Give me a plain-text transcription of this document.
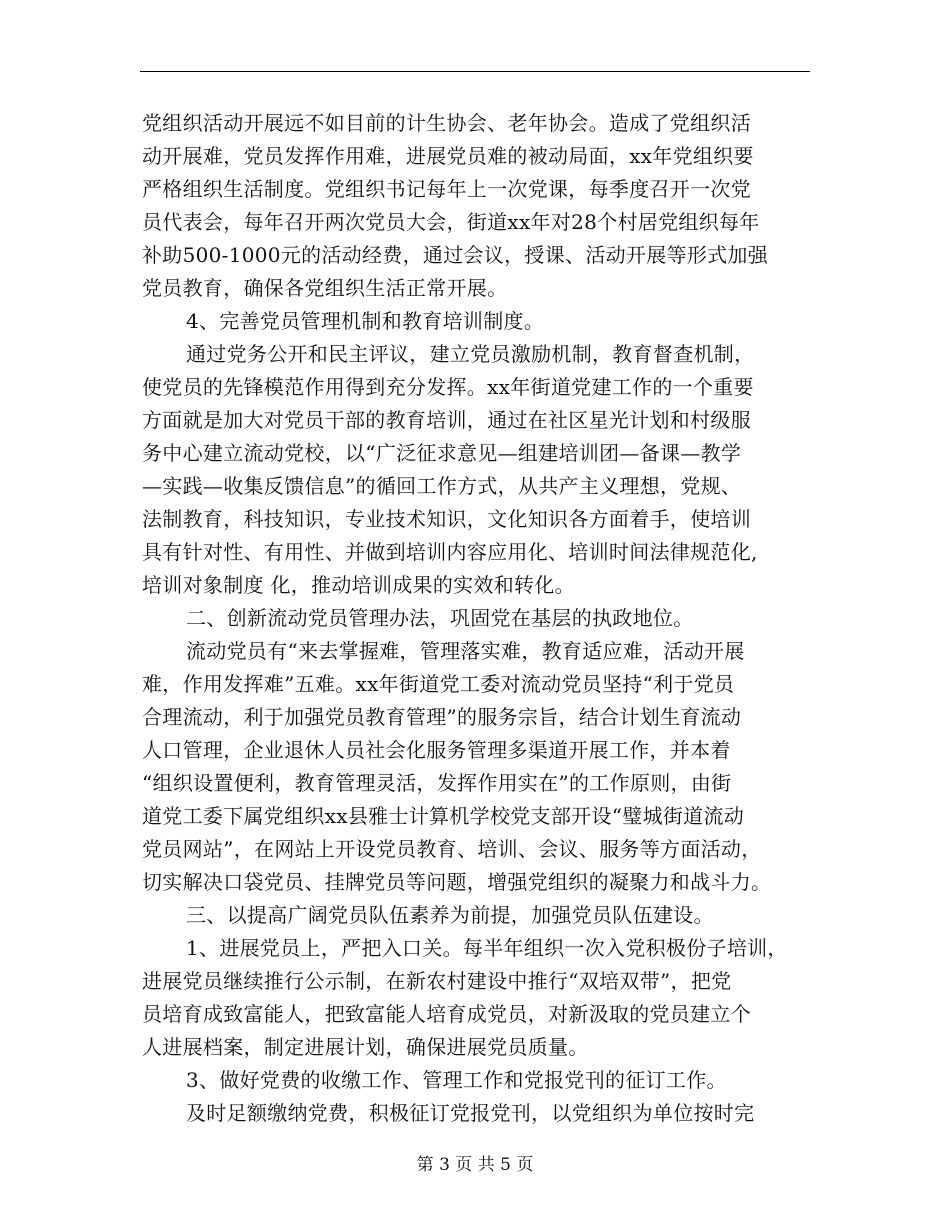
党组织活动开展远不如目前的计生协会、老年协会。造成了党组织活
动开展难，党员发挥作用难，进展党员难的被动局面，xx年党组织要
严格组织生活制度。党组织书记每年上一次党课，每季度召开一次党
员代表会，每年召开两次党员大会，街道xx年对28个村居党组织每年
补助500-1000元的活动经费，通过会议，授课、活动开展等形式加强
党员教育，确保各党组织生活正常开展。
4、完善党员管理机制和教育培训制度。
通过党务公开和民主评议，建立党员激励机制，教育督查机制，
使党员的先锋模范作用得到充分发挥。xx年街道党建工作的一个重要
方面就是加大对党员干部的教育培训，通过在社区星光计划和村级服
务中心建立流动党校，以“广泛征求意见—组建培训团—备课—教学
—实践—收集反馈信息”的循回工作方式，从共产主义理想，党规、
法制教育，科技知识，专业技术知识，文化知识各方面着手，使培训
具有针对性、有用性、并做到培训内容应用化、培训时间法律规范化,
培训对象制度 化，推动培训成果的实效和转化。
二、创新流动党员管理办法，巩固党在基层的执政地位。
流动党员有“来去掌握难，管理落实难，教育适应难，活动开展
难，作用发挥难”五难。xx年街道党工委对流动党员坚持“利于党员
合理流动，利于加强党员教育管理”的服务宗旨，结合计划生育流动
人口管理，企业退休人员社会化服务管理多渠道开展工作，并本着
“组织设置便利，教育管理灵活，发挥作用实在”的工作原则，由街
道党工委下属党组织xx县雅士计算机学校党支部开设“璧城街道流动
党员网站”，在网站上开设党员教育、培训、会议、服务等方面活动，
切实解决口袋党员、挂牌党员等问题，增强党组织的凝聚力和战斗力。
三、以提高广阔党员队伍素养为前提，加强党员队伍建设。
1、进展党员上，严把入口关。每半年组织一次入党积极份子培训，
进展党员继续推行公示制，在新农村建设中推行“双培双带”，把党
员培育成致富能人，把致富能人培育成党员，对新汲取的党员建立个
人进展档案，制定进展计划，确保进展党员质量。
3、做好党费的收缴工作、管理工作和党报党刊的征订工作。
及时足额缴纳党费，积极征订党报党刊，以党组织为单位按时完
第 3 页 共 5 页
